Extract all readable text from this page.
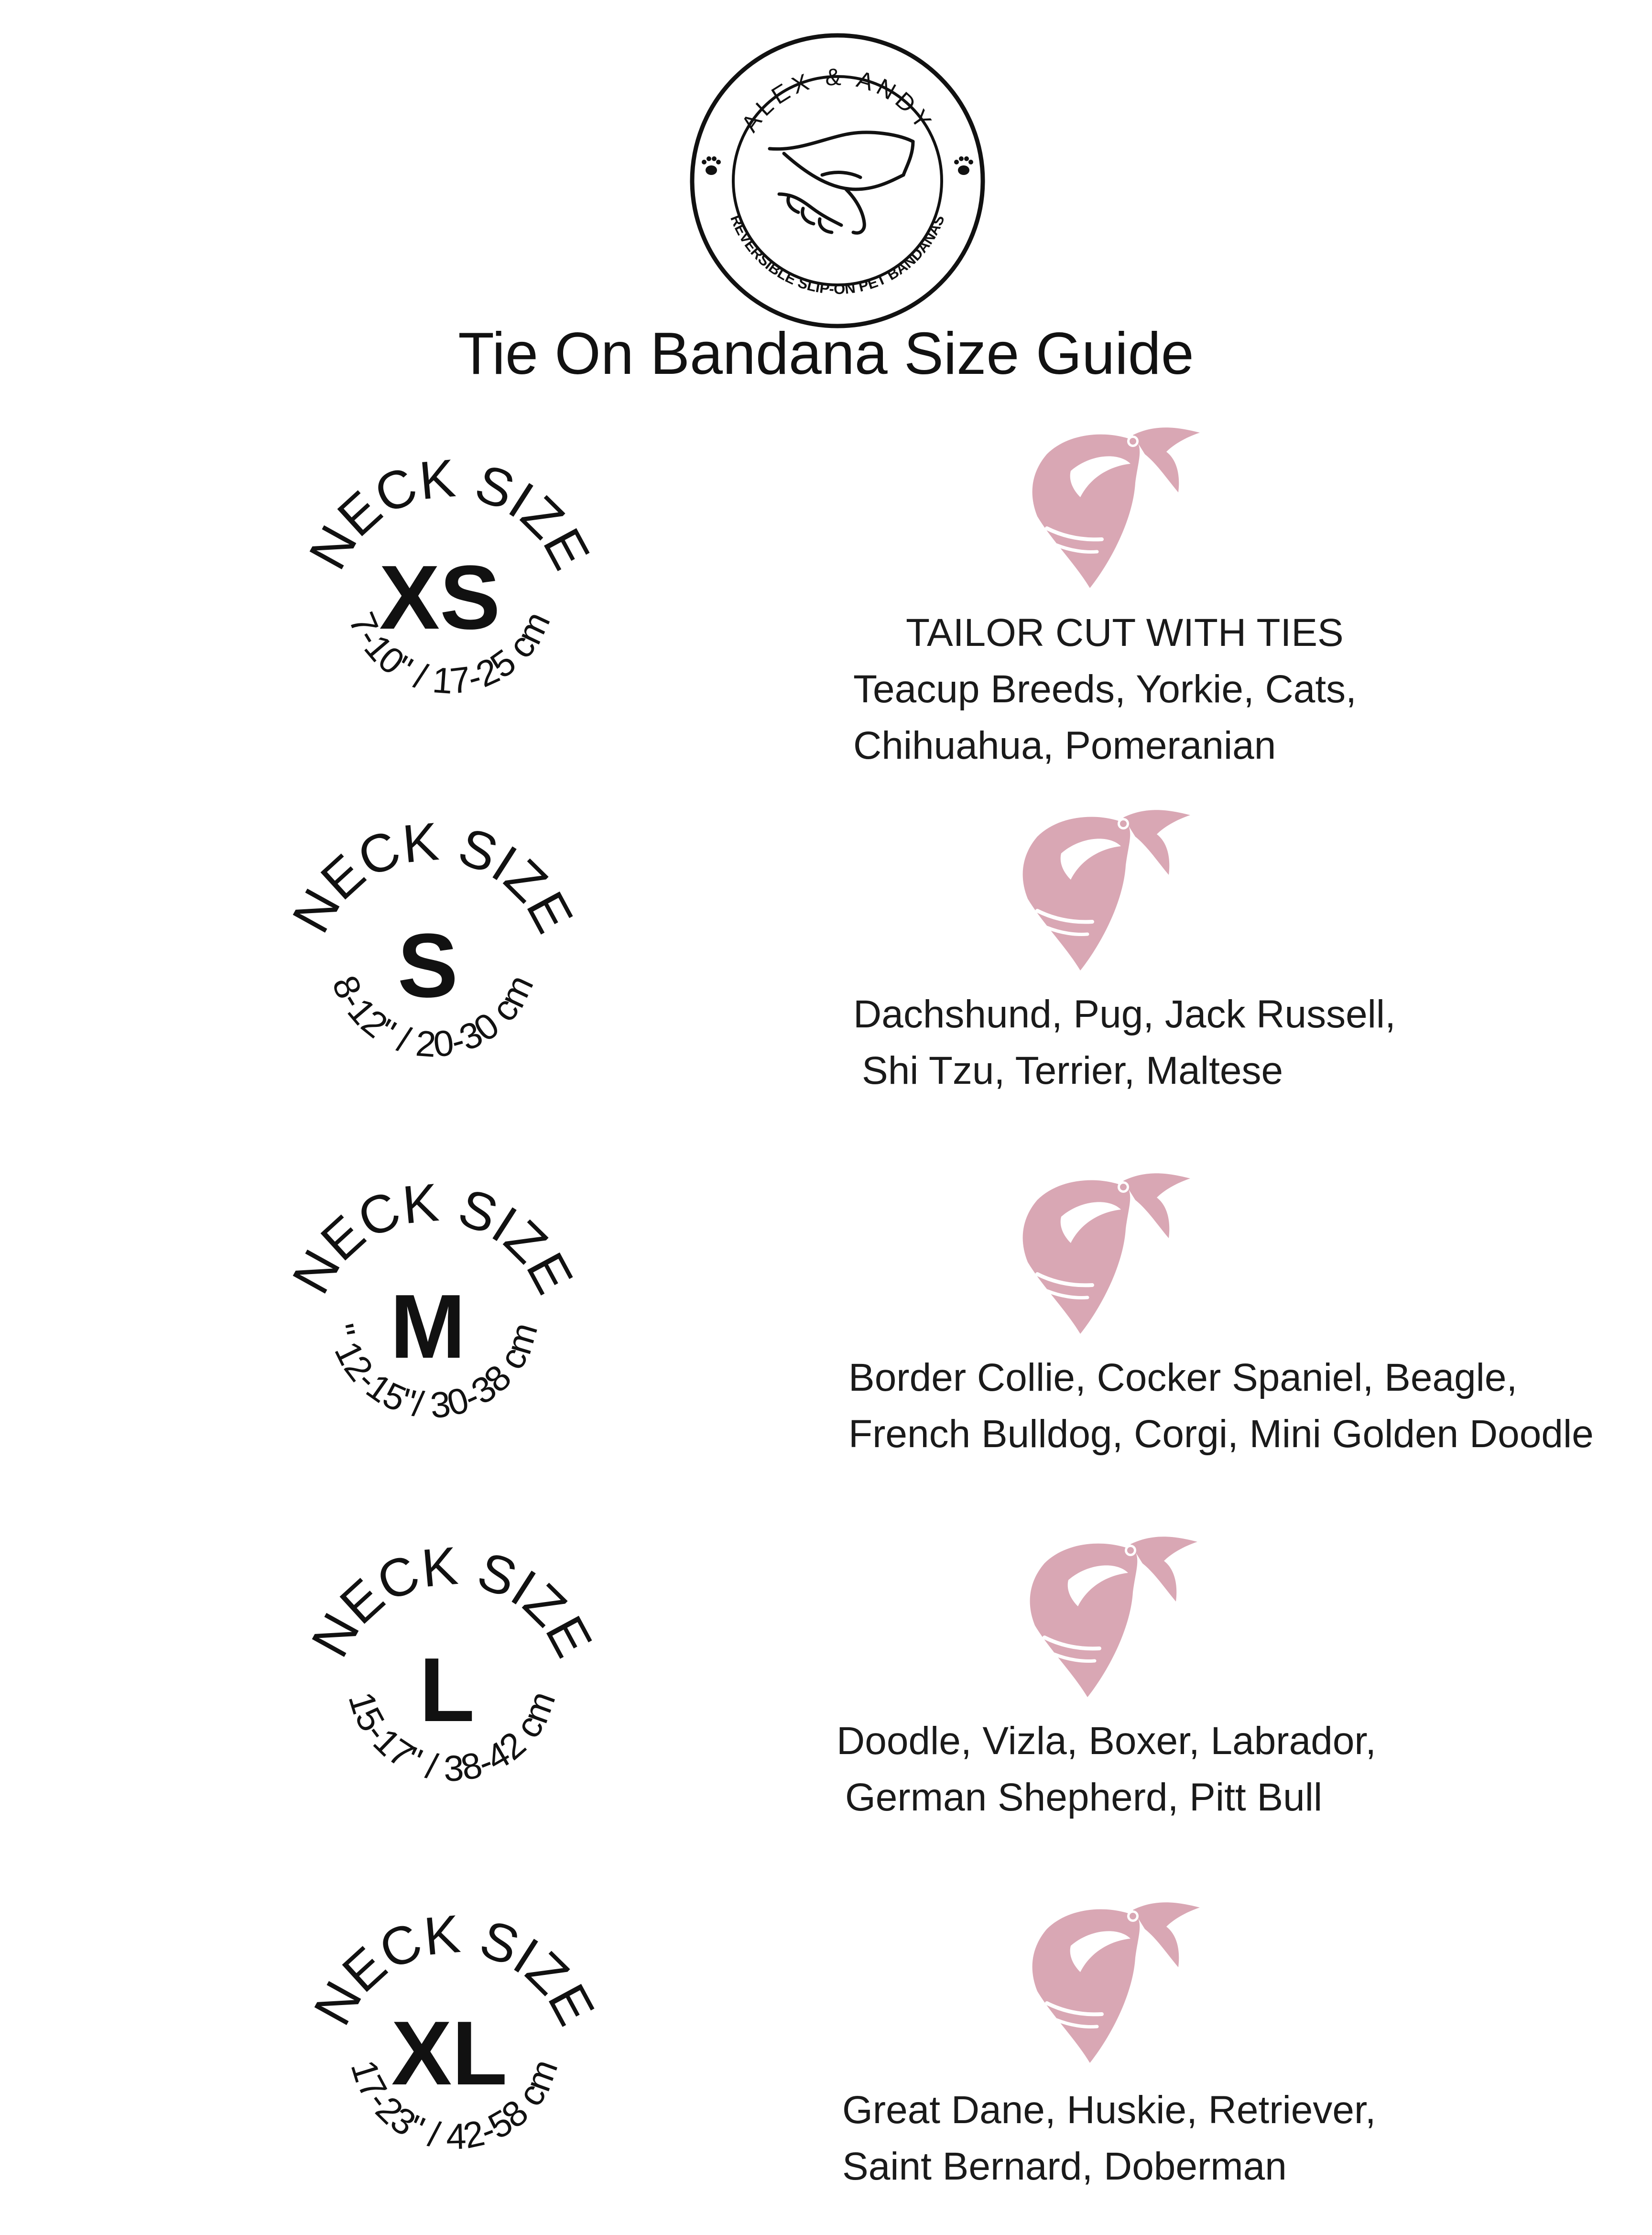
ALEX & ANDY
REVERSIBLE SLIP-ON PET BANDANAS
Tie On Bandana Size Guide
NECK SIZE
XS
7-10" / 17-25 cm	TAILOR CUT WITH TIES
Teacup Breeds, Yorkie, Cats,
Chihuahua, Pomeranian
NECK SIZE
S
8-12" / 20-30 cm
Dachshund, Pug, Jack Russell,
Shi Tzu, Terrier, Maltese
NECK SIZE
M
" 12-15"/ 30-38 cm
Border Collie, Cocker Spaniel, Beagle,
French Bulldog, Corgi, Mini Golden Doodle
NECK SIZE
L
15-17" / 38-42 cm
Doodle, Vizla, Boxer, Labrador,
German Shepherd, Pitt Bull
NECK SIZE
XL
17-23" / 42-58 cm
Great Dane, Huskie, Retriever,
Saint Bernard, Doberman
